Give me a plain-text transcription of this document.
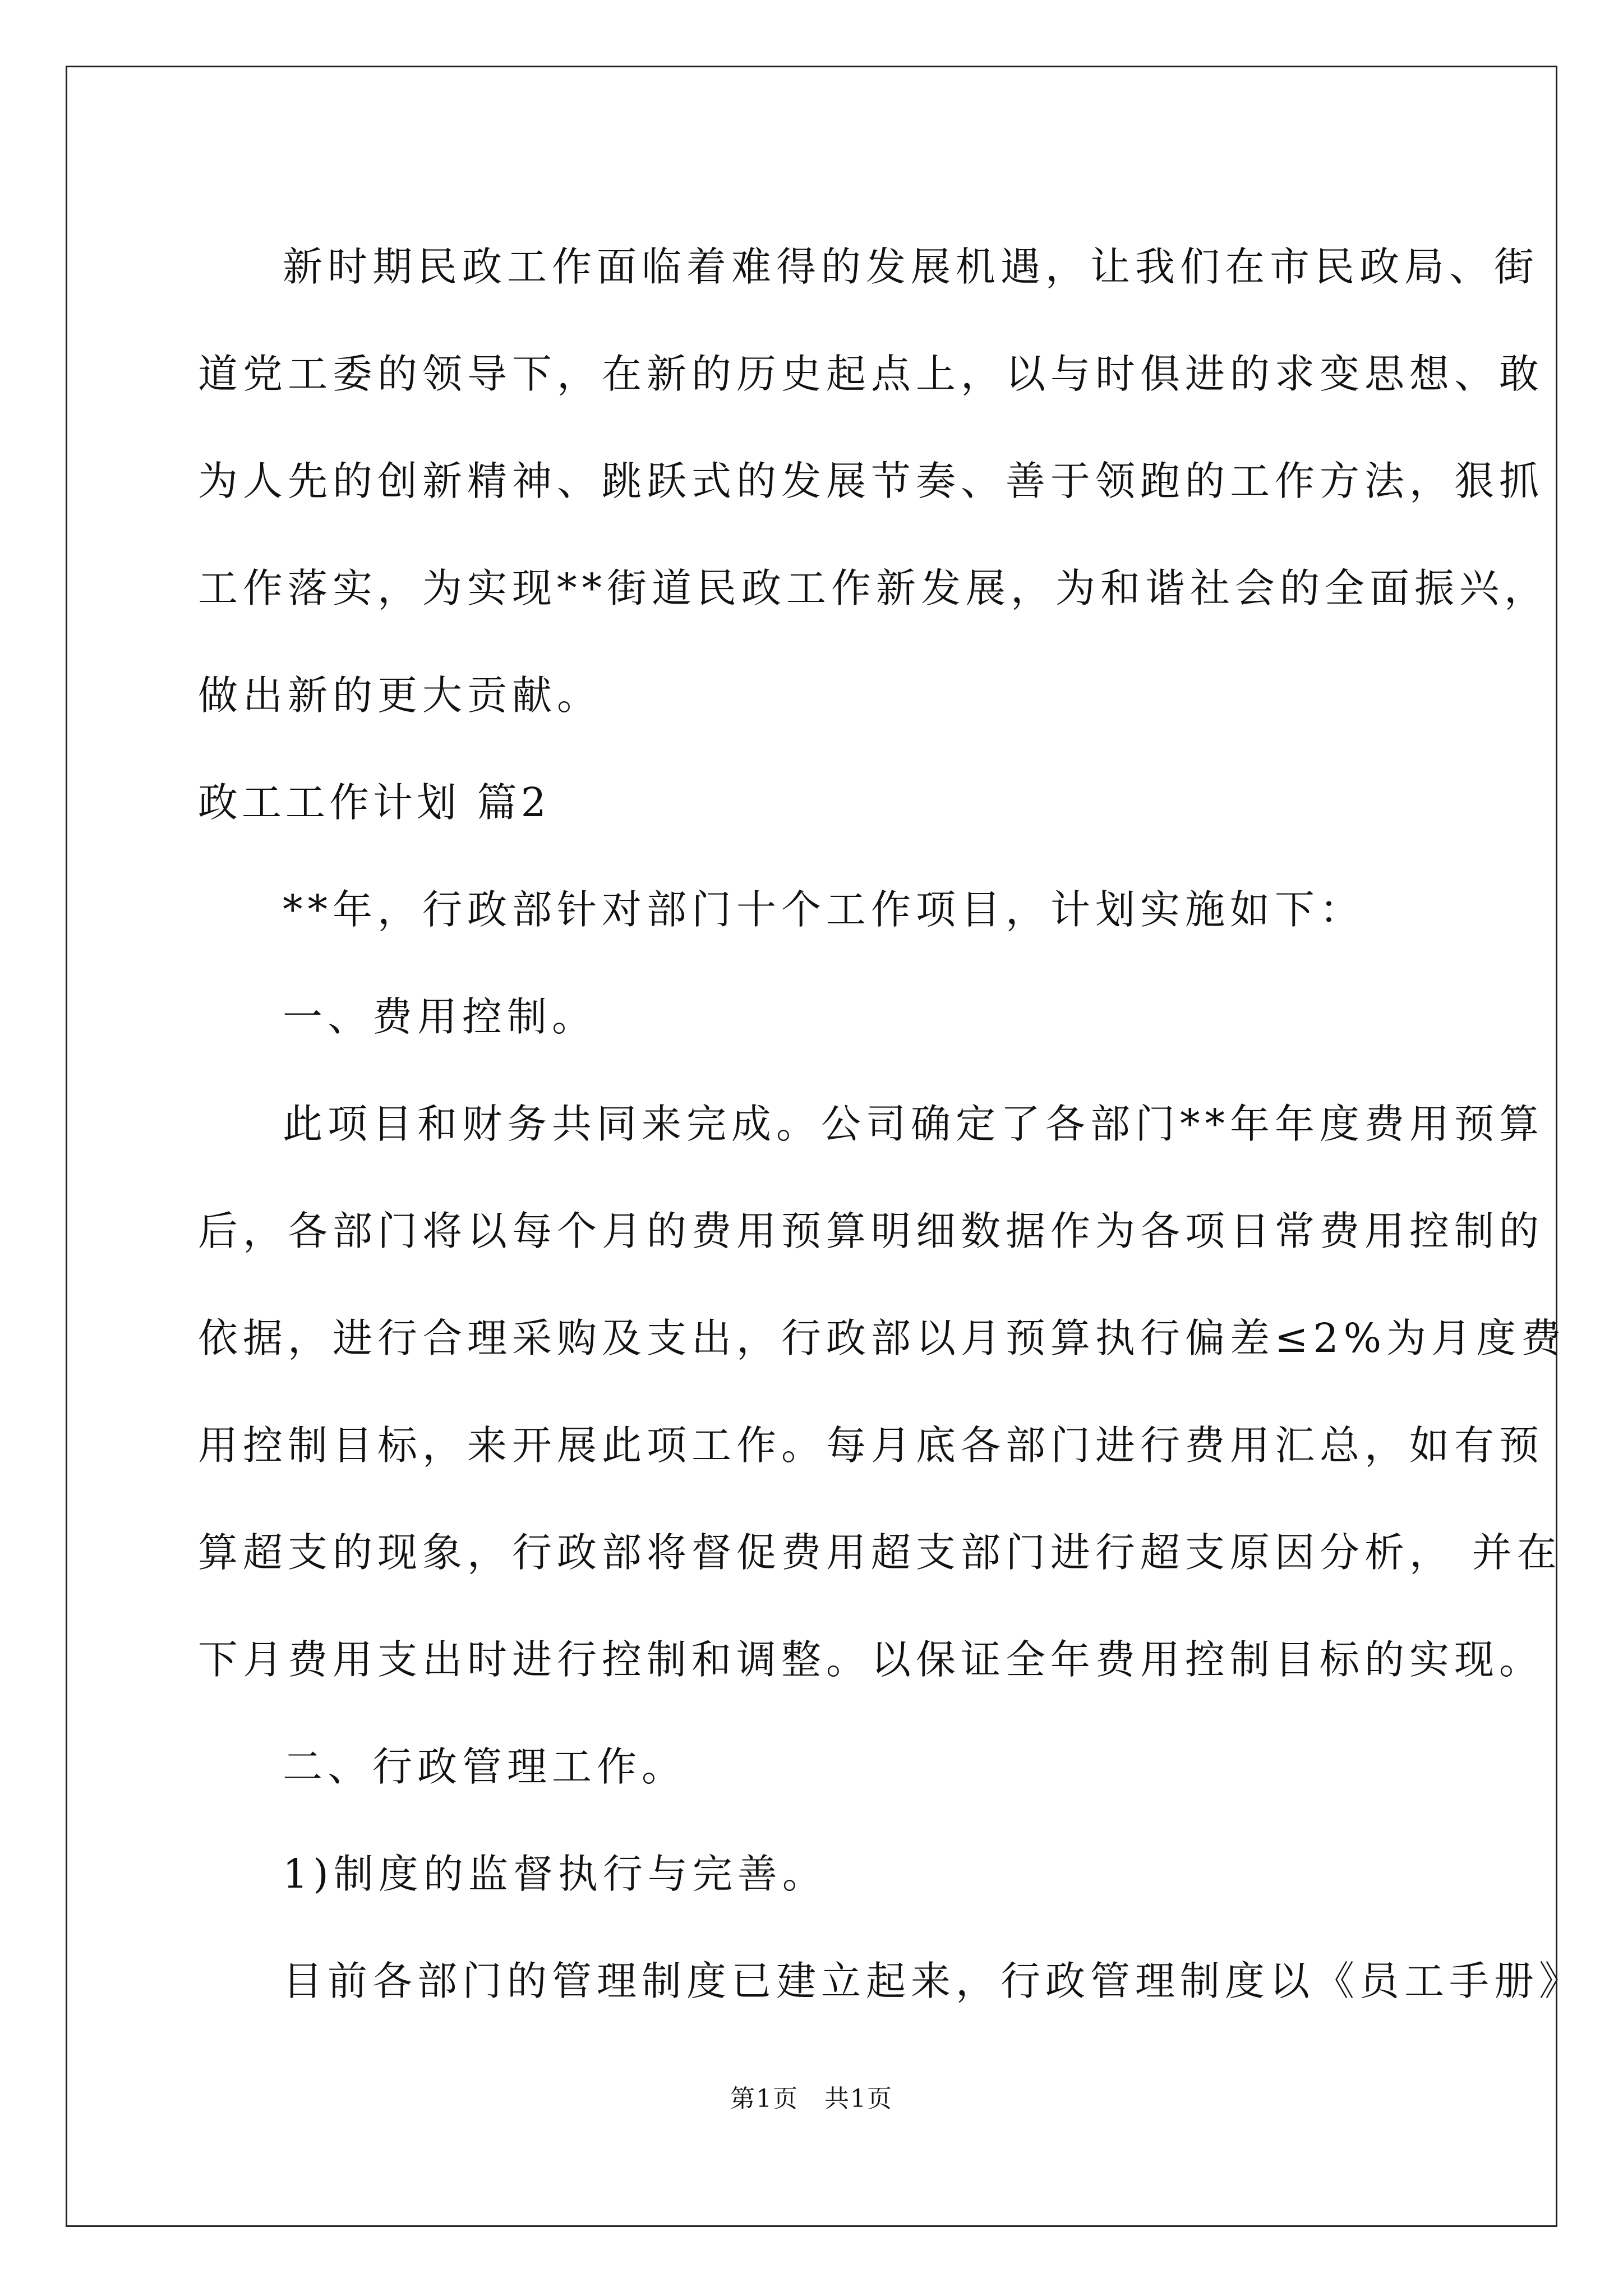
新时期民政工作面临着难得的发展机遇，让我们在市民政局、街

道党工委的领导下，在新的历史起点上，以与时俱进的求变思想、敢

为人先的创新精神、跳跃式的发展节奏、善于领跑的工作方法，狠抓

工作落实，为实现**街道民政工作新发展，为和谐社会的全面振兴，

做出新的更大贡献。

政工工作计划 篇2

**年，行政部针对部门十个工作项目，计划实施如下：

一、费用控制。

此项目和财务共同来完成。公司确定了各部门**年年度费用预算

后，各部门将以每个月的费用预算明细数据作为各项日常费用控制的

依据，进行合理采购及支出，行政部以月预算执行偏差≤2%为月度费

用控制目标，来开展此项工作。每月底各部门进行费用汇总，如有预

算超支的现象，行政部将督促费用超支部门进行超支原因分析， 并在

下月费用支出时进行控制和调整。以保证全年费用控制目标的实现。

二、行政管理工作。

1)制度的监督执行与完善。

目前各部门的管理制度已建立起来，行政管理制度以《员工手册》

第1页　共1页
